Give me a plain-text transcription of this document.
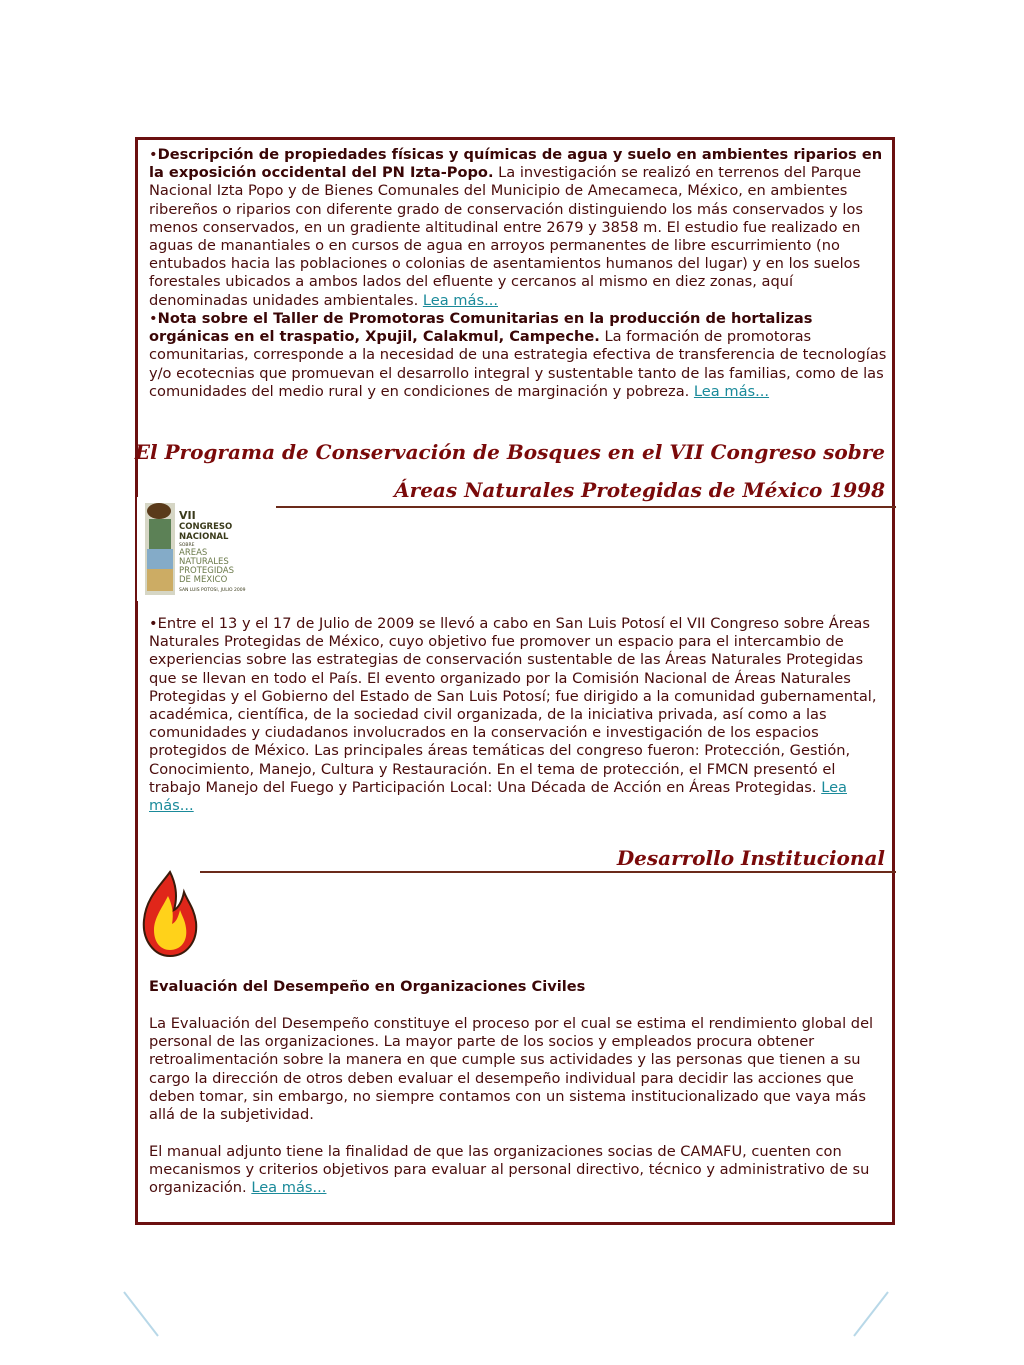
•Descripción de propiedades físicas y químicas de agua y suelo en ambientes riparios en la exposición occidental del PN Izta-Popo. La investigación se realizó en terrenos del Parque Nacional Izta Popo y de Bienes Comunales del Municipio de Amecameca, México, en ambientes ribereños o riparios con diferente grado de conservación distinguiendo los más conservados y los menos conservados, en un gradiente altitudinal entre 2679 y 3858 m. El estudio fue realizado en aguas de manantiales o en cursos de agua en arroyos permanentes de libre escurrimiento (no entubados hacia las poblaciones o colonias de asentamientos humanos del lugar) y en los suelos forestales ubicados a ambos lados del efluente y cercanos al mismo en diez zonas, aquí denominadas unidades ambientales. Lea más...

•Nota sobre el Taller de Promotoras Comunitarias en la producción de hortalizas orgánicas en el traspatio, Xpujil, Calakmul, Campeche. La formación de promotoras comunitarias, corresponde a la necesidad de una estrategia efectiva de transferencia de tecnologías y/o ecotecnias que promuevan el desarrollo integral y sustentable tanto de las familias, como de las comunidades del medio rural y en condiciones de marginación y pobreza. Lea más...

El Programa de Conservación de Bosques en el VII Congreso sobre
Áreas Naturales Protegidas de México 1998
VII
CONGRESO
NACIONAL
SOBRE
AREAS
NATURALES
PROTEGIDAS
DE MEXICO
SAN LUIS POTOSI, JULIO 2009

•Entre el 13 y el 17 de Julio de 2009 se llevó a cabo en San Luis Potosí el VII Congreso sobre Áreas Naturales Protegidas de México, cuyo objetivo fue promover un espacio para el intercambio de experiencias sobre las estrategias de conservación sustentable de las Áreas Naturales Protegidas que se llevan en todo el País. El evento organizado por la Comisión Nacional de Áreas Naturales Protegidas y el Gobierno del Estado de San Luis Potosí; fue dirigido a la comunidad gubernamental, académica, científica, de la sociedad civil organizada, de la iniciativa privada, así como a las comunidades y ciudadanos involucrados en la conservación e investigación de los espacios protegidos de México. Las principales áreas temáticas del congreso fueron: Protección, Gestión, Conocimiento, Manejo, Cultura y Restauración. En el tema de protección, el FMCN presentó el trabajo Manejo del Fuego y Participación Local: Una Década de Acción en Áreas Protegidas. Lea más...

Desarrollo Institucional

Evaluación del Desempeño en Organizaciones Civiles

La Evaluación del Desempeño constituye el proceso por el cual se estima el rendimiento global del personal de las organizaciones. La mayor parte de los socios y empleados procura obtener retroalimentación sobre la manera en que cumple sus actividades y las personas que tienen a su cargo la dirección de otros deben evaluar el desempeño individual para decidir las acciones que deben tomar, sin embargo, no siempre contamos con un sistema institucionalizado que vaya más allá de la subjetividad.

El manual adjunto tiene la finalidad de que las organizaciones socias de CAMAFU, cuenten con mecanismos y criterios objetivos para evaluar al personal directivo, técnico y administrativo de su organización. Lea más...
